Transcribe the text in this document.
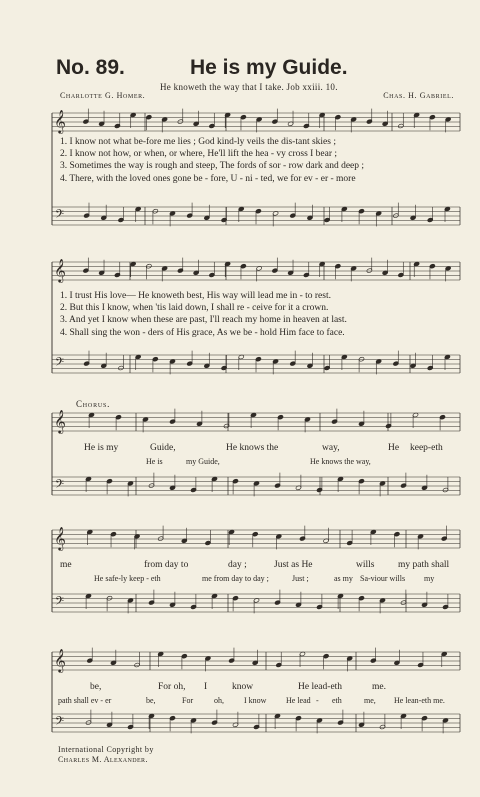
𝄞
𝄢
𝄞
𝄢
𝄞
𝄢
𝄞
𝄢
𝄞
𝄢
No. 89.	He is my Guide.
He knoweth the way that I take. Job xxiii. 10.
Charlotte G. Homer.	Chas. H. Gabriel.
1. I know not what be-fore me lies ; God kind-ly veils the dis-tant skies ;
2. I know not how, or when, or where, He'll lift the hea - vy cross I bear ;
3. Sometimes the way is rough and steep, The fords of sor - row dark and deep ;
4. There, with the loved ones gone be - fore, U - ni - ted, we for ev - er - more
1. I trust His love— He knoweth best, His way will lead me in - to rest.
2. But this I know, when 'tis laid down, I shall re - ceive for it a crown.
3. And yet I know when these are past, I'll reach my home in heaven at last.
4. Shall sing the won - ders of His grace, As we be - hold Him face to face.
Chorus.
He is my	Guide,	He knows the	way,	He keep-eth
He is	my Guide,	He knows the way,
me	from day to	day ;	Just as He	wills my path shall
He safe-ly keep - eth	me from day to day ;	Just ;	as my Sa-viour wills my
be,	For oh, I	know	He lead-eth	me.
path shall ev - er	be,	For	oh,	I know He lead - eth	me, He lean-eth me.
International Copyright by
Charles M. Alexander.
